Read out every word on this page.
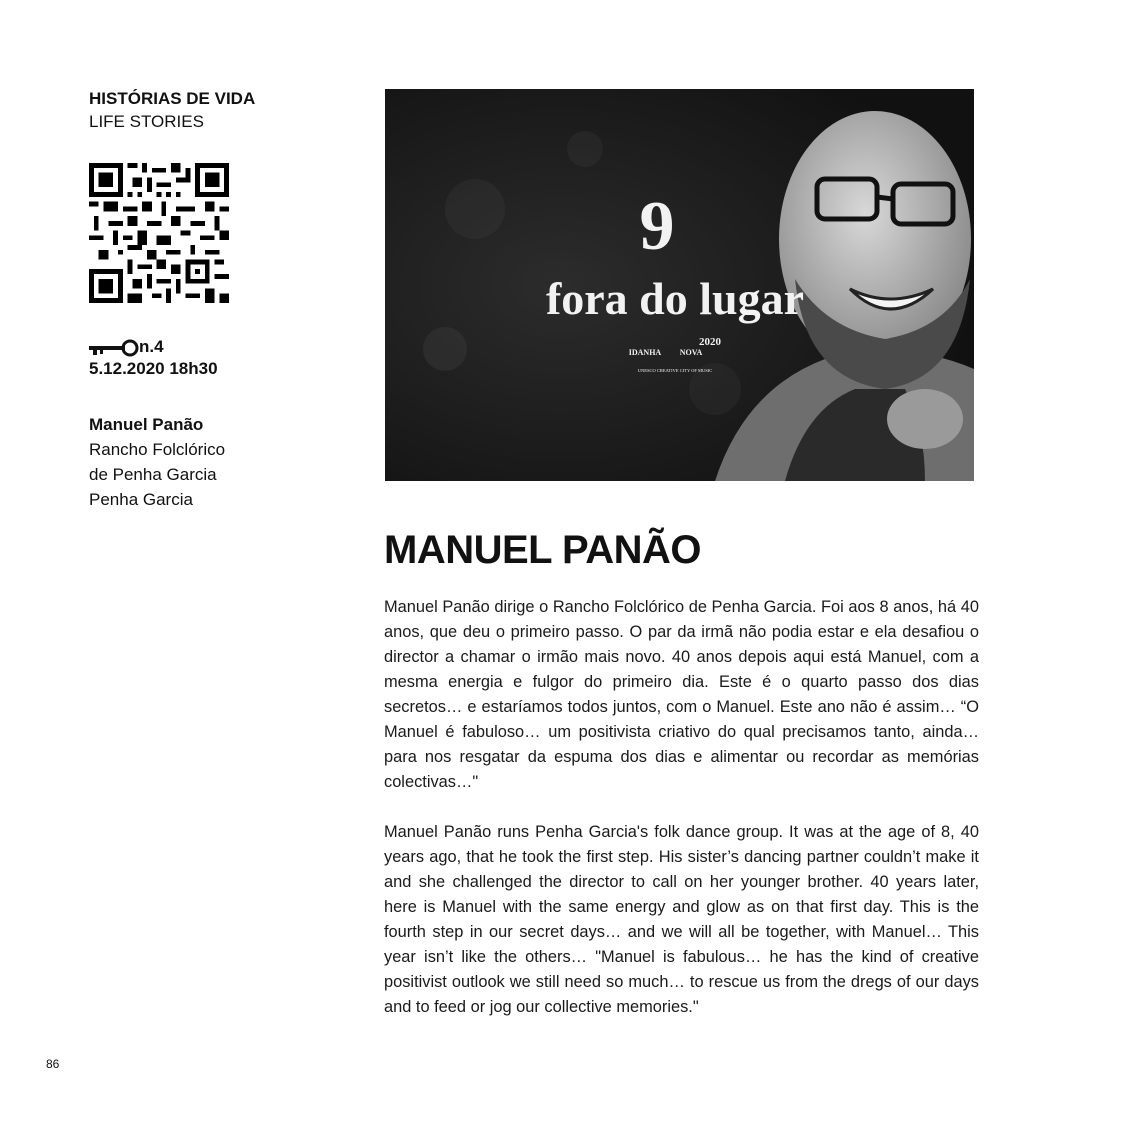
HISTÓRIAS DE VIDA

LIFE STORIES

n.4
5.12.2020 18h30
Manuel Panão
Rancho Folclórico
de Penha Garcia
Penha Garcia
9
fora do lugar
2020
IDANHA NOVA
UNESCO CREATIVE CITY OF MUSIC
MANUEL PANÃO

Manuel Panão dirige o Rancho Folclórico de Penha Garcia. Foi aos 8 anos, há 40 anos, que deu o primeiro passo. O par da irmã não podia estar e ela desafiou o director a chamar o irmão mais novo. 40 anos depois aqui está Manuel, com a mesma energia e fulgor do primeiro dia. Este é o quarto passo dos dias secretos… e estaríamos todos juntos, com o Manuel. Este ano não é assim… “O Manuel é fabuloso… um positivista criativo do qual precisamos tanto, ainda… para nos resgatar da espuma dos dias e alimentar ou recordar as memórias colectivas…"

Manuel Panão runs Penha Garcia's folk dance group. It was at the age of 8, 40 years ago, that he took the first step. His sister’s dancing partner couldn’t make it and she challenged the director to call on her younger brother. 40 years later, here is Manuel with the same energy and glow as on that first day. This is the fourth step in our secret days… and we will all be together, with Manuel… This year isn’t like the others… "Manuel is fabulous… he has the kind of creative positivist outlook we still need so much… to rescue us from the dregs of our days and to feed or jog our collective memories."

86
